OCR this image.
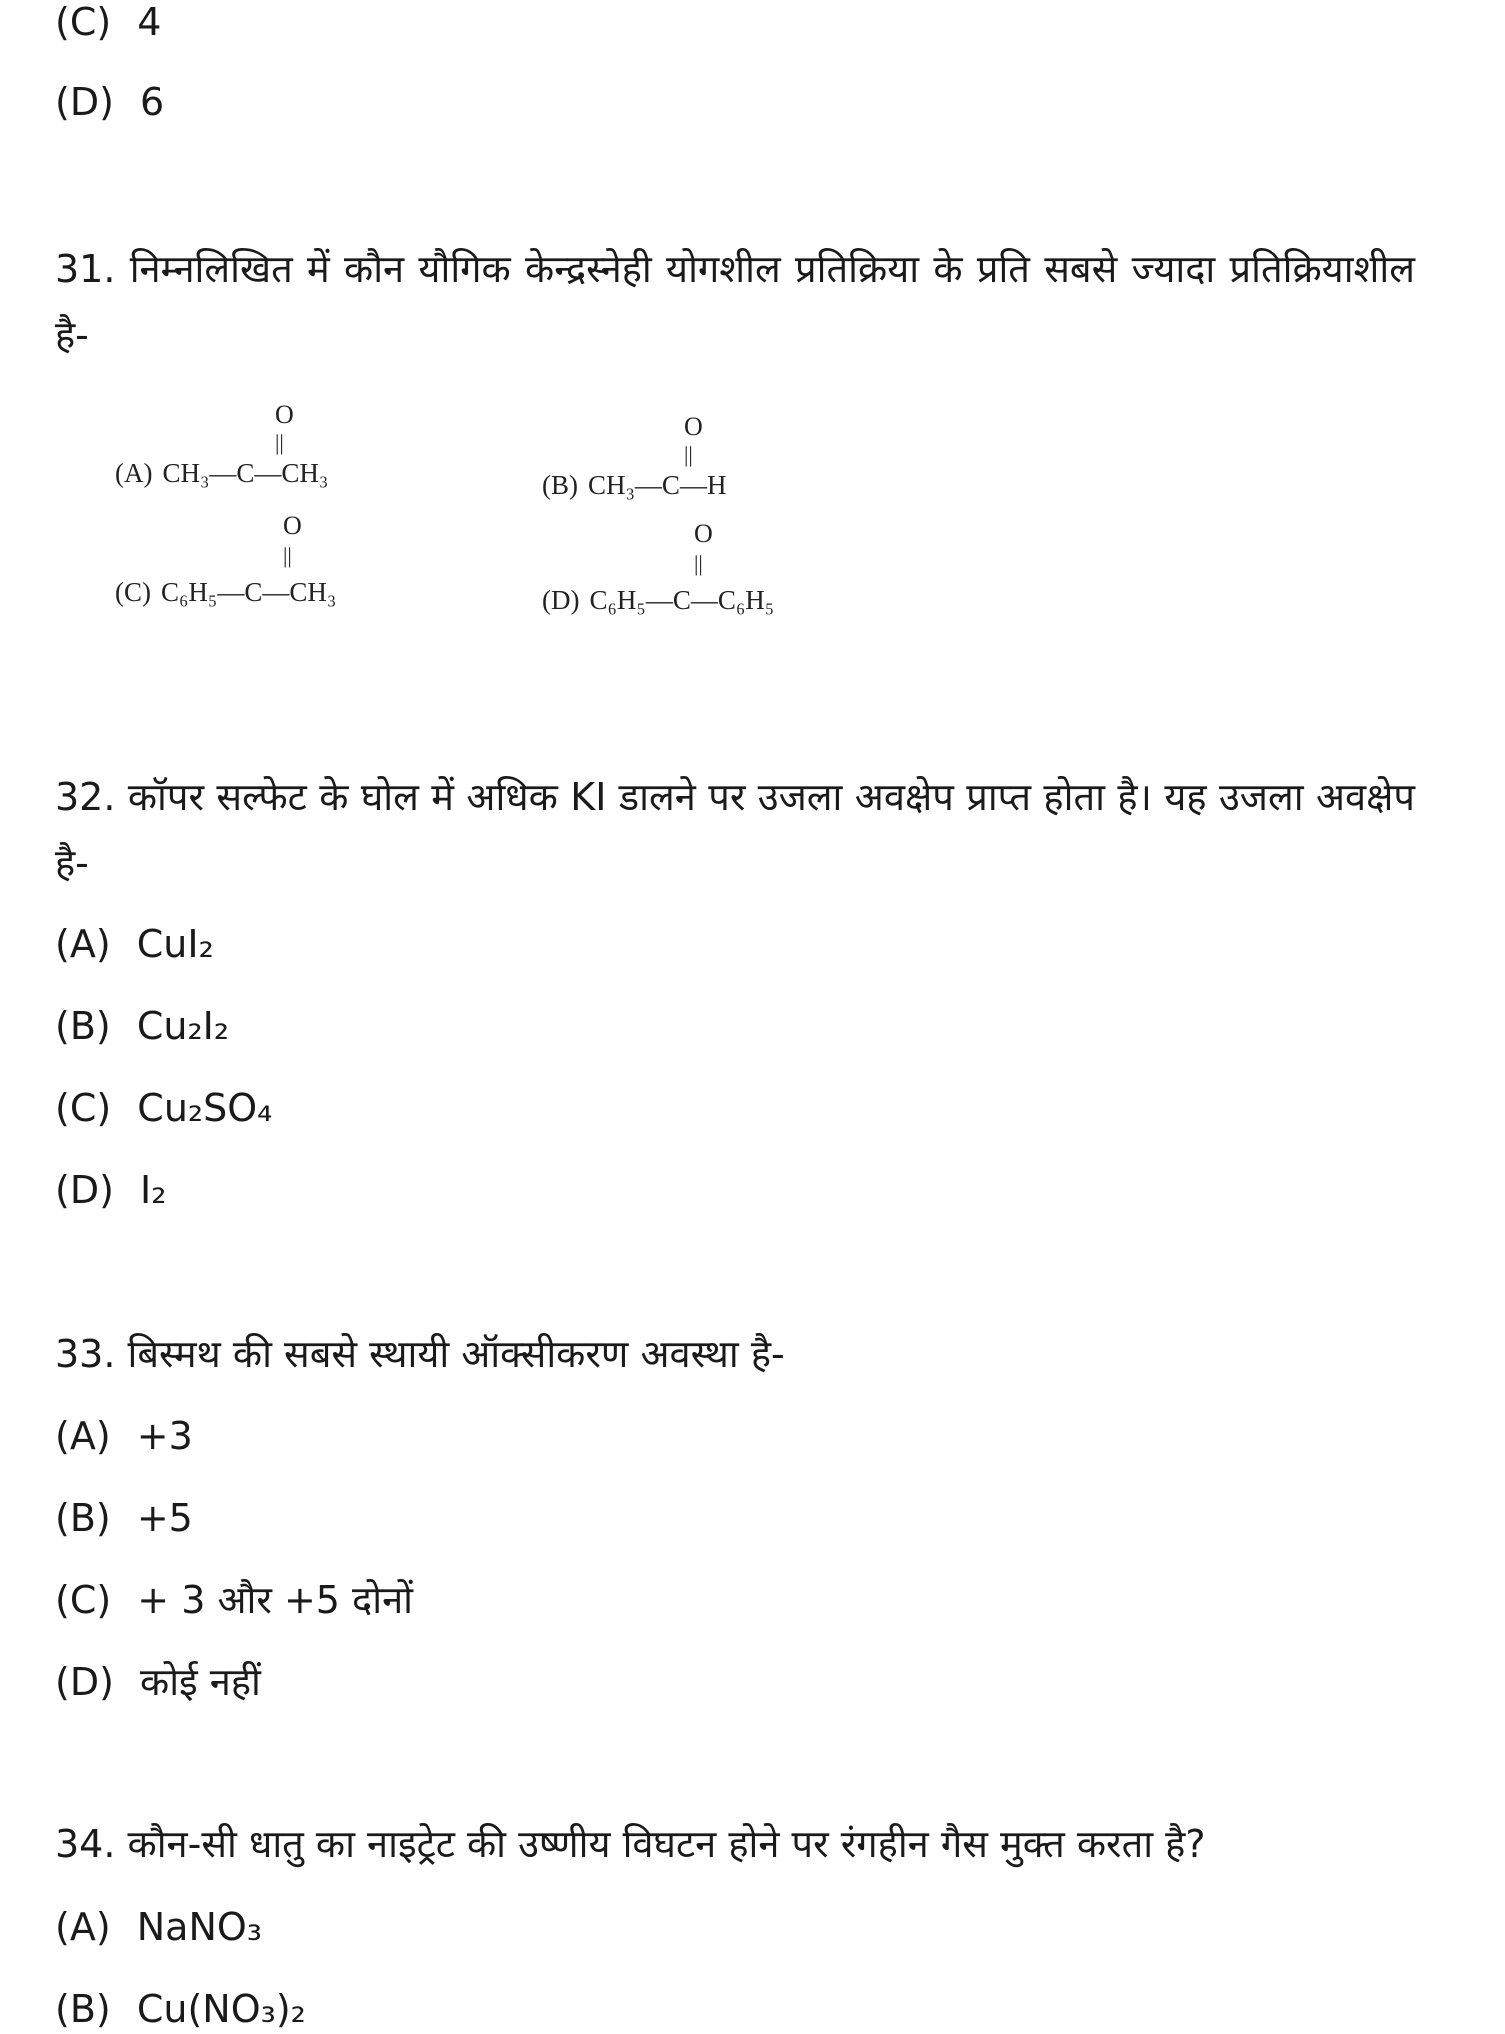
(C) 4
(D) 6
31. निम्नलिखित में कौन यौगिक केन्द्रस्नेही योगशील प्रतिक्रिया के प्रति सबसे ज्यादा प्रतिक्रियाशील है-
(A) CH₃—C—CH₃
O
||
(B) CH₃—C—H
O
||
(C) C₆H₅—C—CH₃
O
||
(D) C₆H₅—C—C₆H₅
O
||
32. कॉपर सल्फेट के घोल में अधिक KI डालने पर उजला अवक्षेप प्राप्त होता है। यह उजला अवक्षेप है-
(A) CuI₂
(B) Cu₂I₂
(C) Cu₂SO₄
(D) I₂
33. बिस्मथ की सबसे स्थायी ऑक्सीकरण अवस्था है-
(A) +3
(B) +5
(C) + 3 और +5 दोनों
(D) कोई नहीं
34. कौन-सी धातु का नाइट्रेट की उष्णीय विघटन होने पर रंगहीन गैस मुक्त करता है?
(A) NaNO₃
(B) Cu(NO₃)₂
